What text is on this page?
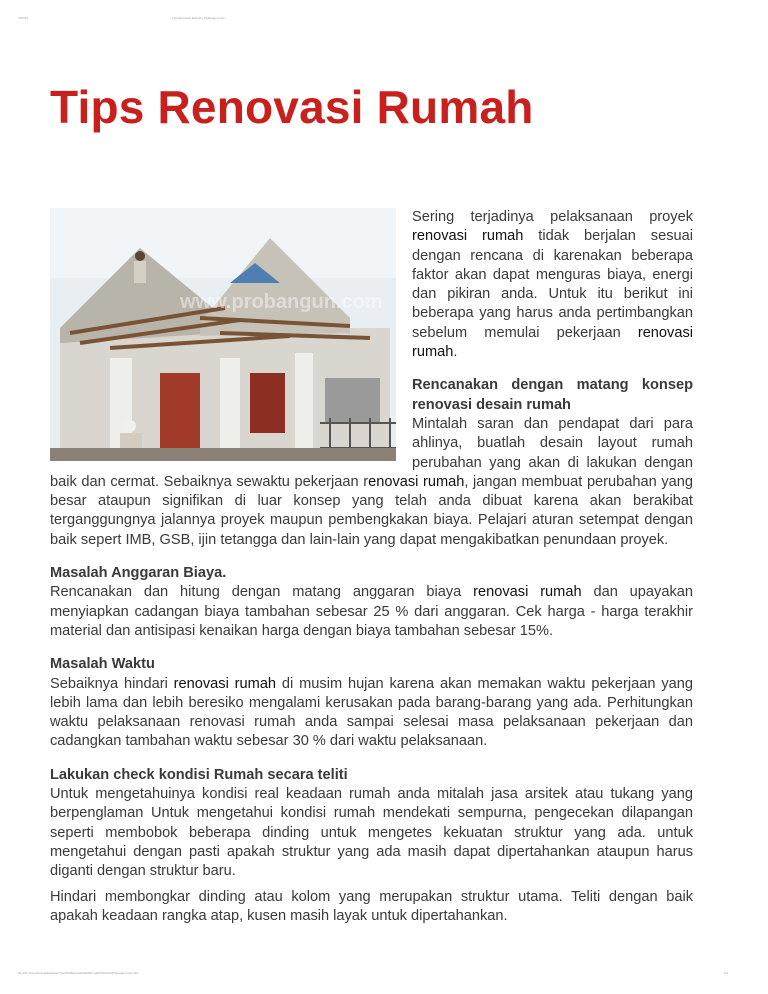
7/15/13	Tips Renovasi Rumah | Probangun.com
Tips Renovasi Rumah
www.probangun.com

Sering terjadinya pelaksanaan proyek renovasi rumah tidak berjalan sesuai dengan rencana di karenakan beberapa faktor akan dapat menguras biaya, energi dan pikiran anda. Untuk itu berikut ini beberapa yang harus anda pertimbangkan sebelum memulai pekerjaan renovasi rumah.

Rencanakan dengan matang konsep renovasi desain rumah

Mintalah saran dan pendapat dari para ahlinya, buatlah desain layout rumah perubahan yang akan di lakukan dengan baik dan cermat. Sebaiknya sewaktu pekerjaan renovasi rumah, jangan membuat perubahan yang besar ataupun signifikan di luar konsep yang telah anda dibuat karena akan berakibat terganggungnya jalannya proyek maupun pembengkakan biaya. Pelajari aturan setempat dengan baik sepert IMB, GSB, ijin tetangga dan lain-lain yang dapat mengakibatkan penundaan proyek.

Masalah Anggaran Biaya.

Rencanakan dan hitung dengan matang anggaran biaya renovasi rumah dan upayakan menyiapkan cadangan biaya tambahan sebesar 25 % dari anggaran. Cek harga - harga terakhir material dan antisipasi kenaikan harga dengan biaya tambahan sebesar 15%.

Masalah Waktu

Sebaiknya hindari renovasi rumah di musim hujan karena akan memakan waktu pekerjaan yang lebih lama dan lebih beresiko mengalami kerusakan pada barang-barang yang ada. Perhitungkan waktu pelaksanaan renovasi rumah anda sampai selesai masa pelaksanaan pekerjaan dan cadangkan tambahan waktu sebesar 30 % dari waktu pelaksanaan.

Lakukan check kondisi Rumah secara teliti

Untuk mengetahuinya kondisi real keadaan rumah anda mitalah jasa arsitek atau tukang yang berpenglaman Untuk mengetahui kondisi rumah mendekati sempurna, pengecekan dilapangan seperti membobok beberapa dinding untuk mengetes kekuatan struktur yang ada. untuk mengetahui dengan pasti apakah struktur yang ada masih dapat dipertahankan ataupun harus diganti dengan struktur baru.

Hindari membongkar dinding atau kolom yang merupakan struktur utama. Teliti dengan baik apakah keadaan rangka atap, kusen masih layak untuk dipertahankan.

file:///C:/Users/Gonas/Desktop/Tips%20Renovasi%20Rumah%20|%20Probangun.com.htm	1/2
